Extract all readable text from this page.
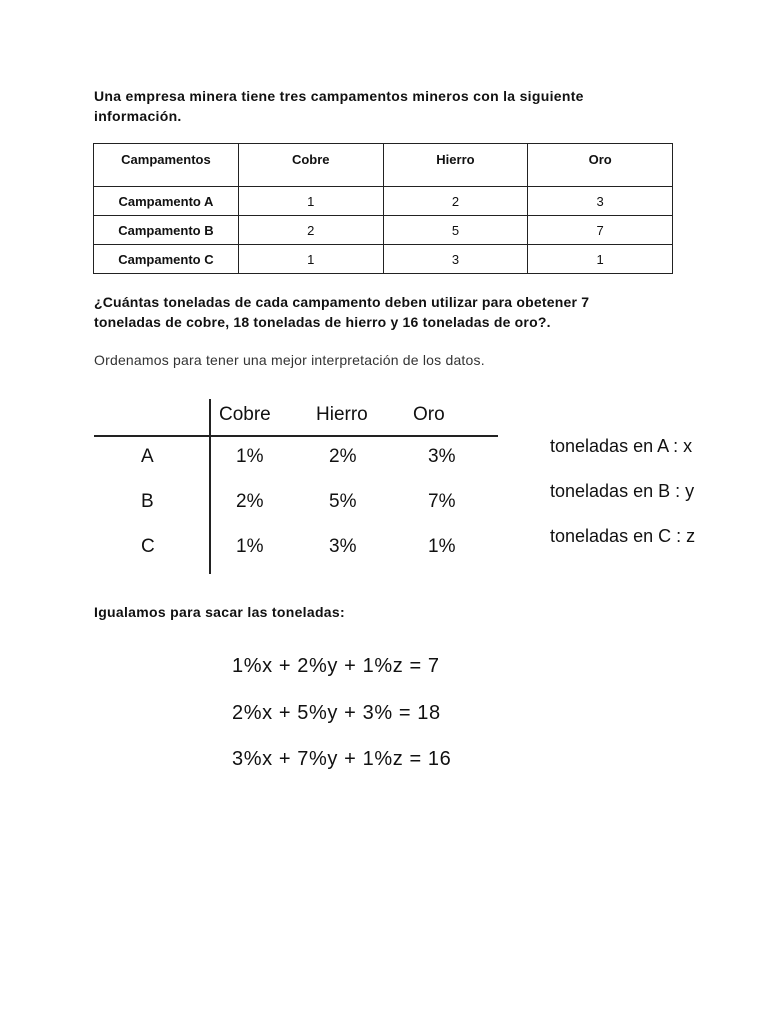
Una empresa minera tiene tres campamentos mineros con la siguiente
información.
Campamentos	Cobre	Hierro	Oro
Campamento A	1	2	3
Campamento B	2	5	7
Campamento C	1	3	1
¿Cuántas toneladas de cada campamento deben utilizar para obetener 7
toneladas de cobre, 18 toneladas de hierro y 16 toneladas de oro?.
Ordenamos para tener una mejor interpretación de los datos.
Cobre Hierro Oro
A	1%	2%	3%
B	2%	5%	7%
C	1%	3%	1%
toneladas en A : x
toneladas en B : y
toneladas en C : z
Igualamos para sacar las toneladas:
1%x + 2%y + 1%z = 7
2%x + 5%y + 3% = 18
3%x + 7%y + 1%z = 16
